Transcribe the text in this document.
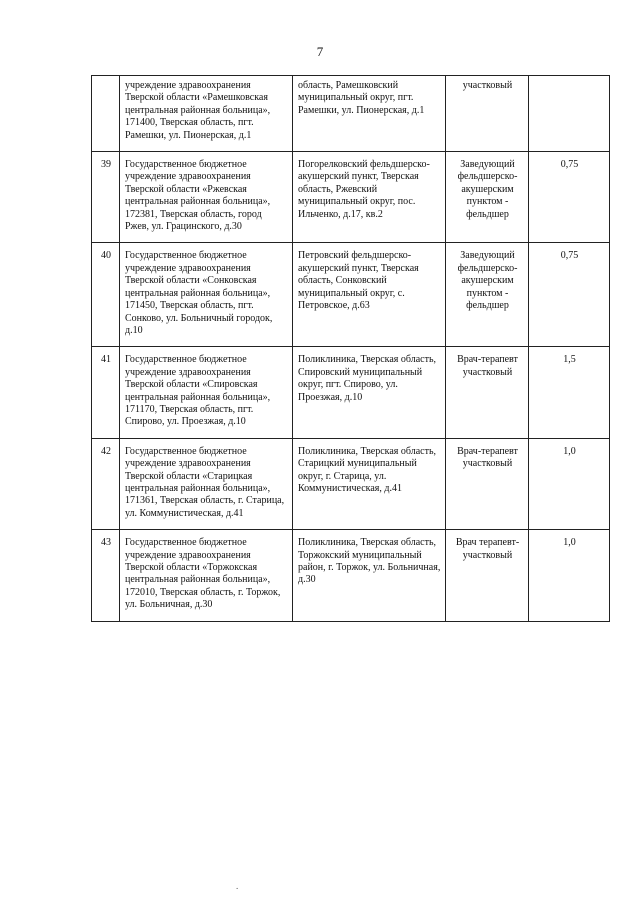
7
	учреждение здравоохранения Тверской области «Рамешковская центральная районная больница», 171400, Тверская область, пгт. Рамешки, ул. Пионерская, д.1	область, Рамешковский муниципальный округ, пгт. Рамешки, ул. Пионерская, д.1	участковый	
39	Государственное бюджетное учреждение здравоохранения Тверской области «Ржевская центральная районная больница», 172381, Тверская область, город Ржев, ул. Грацинского, д.30	Погорелковский фельдшерско-акушерский пункт, Тверская область, Ржевский муниципальный округ, пос. Ильченко, д.17, кв.2	Заведующий фельдшерско-акушерским пунктом - фельдшер	0,75
40	Государственное бюджетное учреждение здравоохранения Тверской области «Сонковская центральная районная больница», 171450, Тверская область, пгт. Сонково, ул. Больничный городок, д.10	Петровский фельдшерско-акушерский пункт, Тверская область, Сонковский муниципальный округ, с. Петровское, д.63	Заведующий фельдшерско-акушерским пунктом - фельдшер	0,75
41	Государственное бюджетное учреждение здравоохранения Тверской области «Спировская центральная районная больница», 171170, Тверская область, пгт. Спирово, ул. Проезжая, д.10	Поликлиника, Тверская область, Спировский муниципальный округ, пгт. Спирово, ул. Проезжая, д.10	Врач-терапевт участковый	1,5
42	Государственное бюджетное учреждение здравоохранения Тверской области «Старицкая центральная районная больница», 171361, Тверская область, г. Старица, ул. Коммунистическая, д.41	Поликлиника, Тверская область, Старицкий муниципальный округ, г. Старица, ул. Коммунистическая, д.41	Врач-терапевт участковый	1,0
43	Государственное бюджетное учреждение здравоохранения Тверской области «Торжокская центральная районная больница», 172010, Тверская область, г. Торжок, ул. Больничная, д.30	Поликлиника, Тверская область, Торжокский муниципальный район, г. Торжок, ул. Больничная, д.30	Врач терапевт-участковый	1,0
.
